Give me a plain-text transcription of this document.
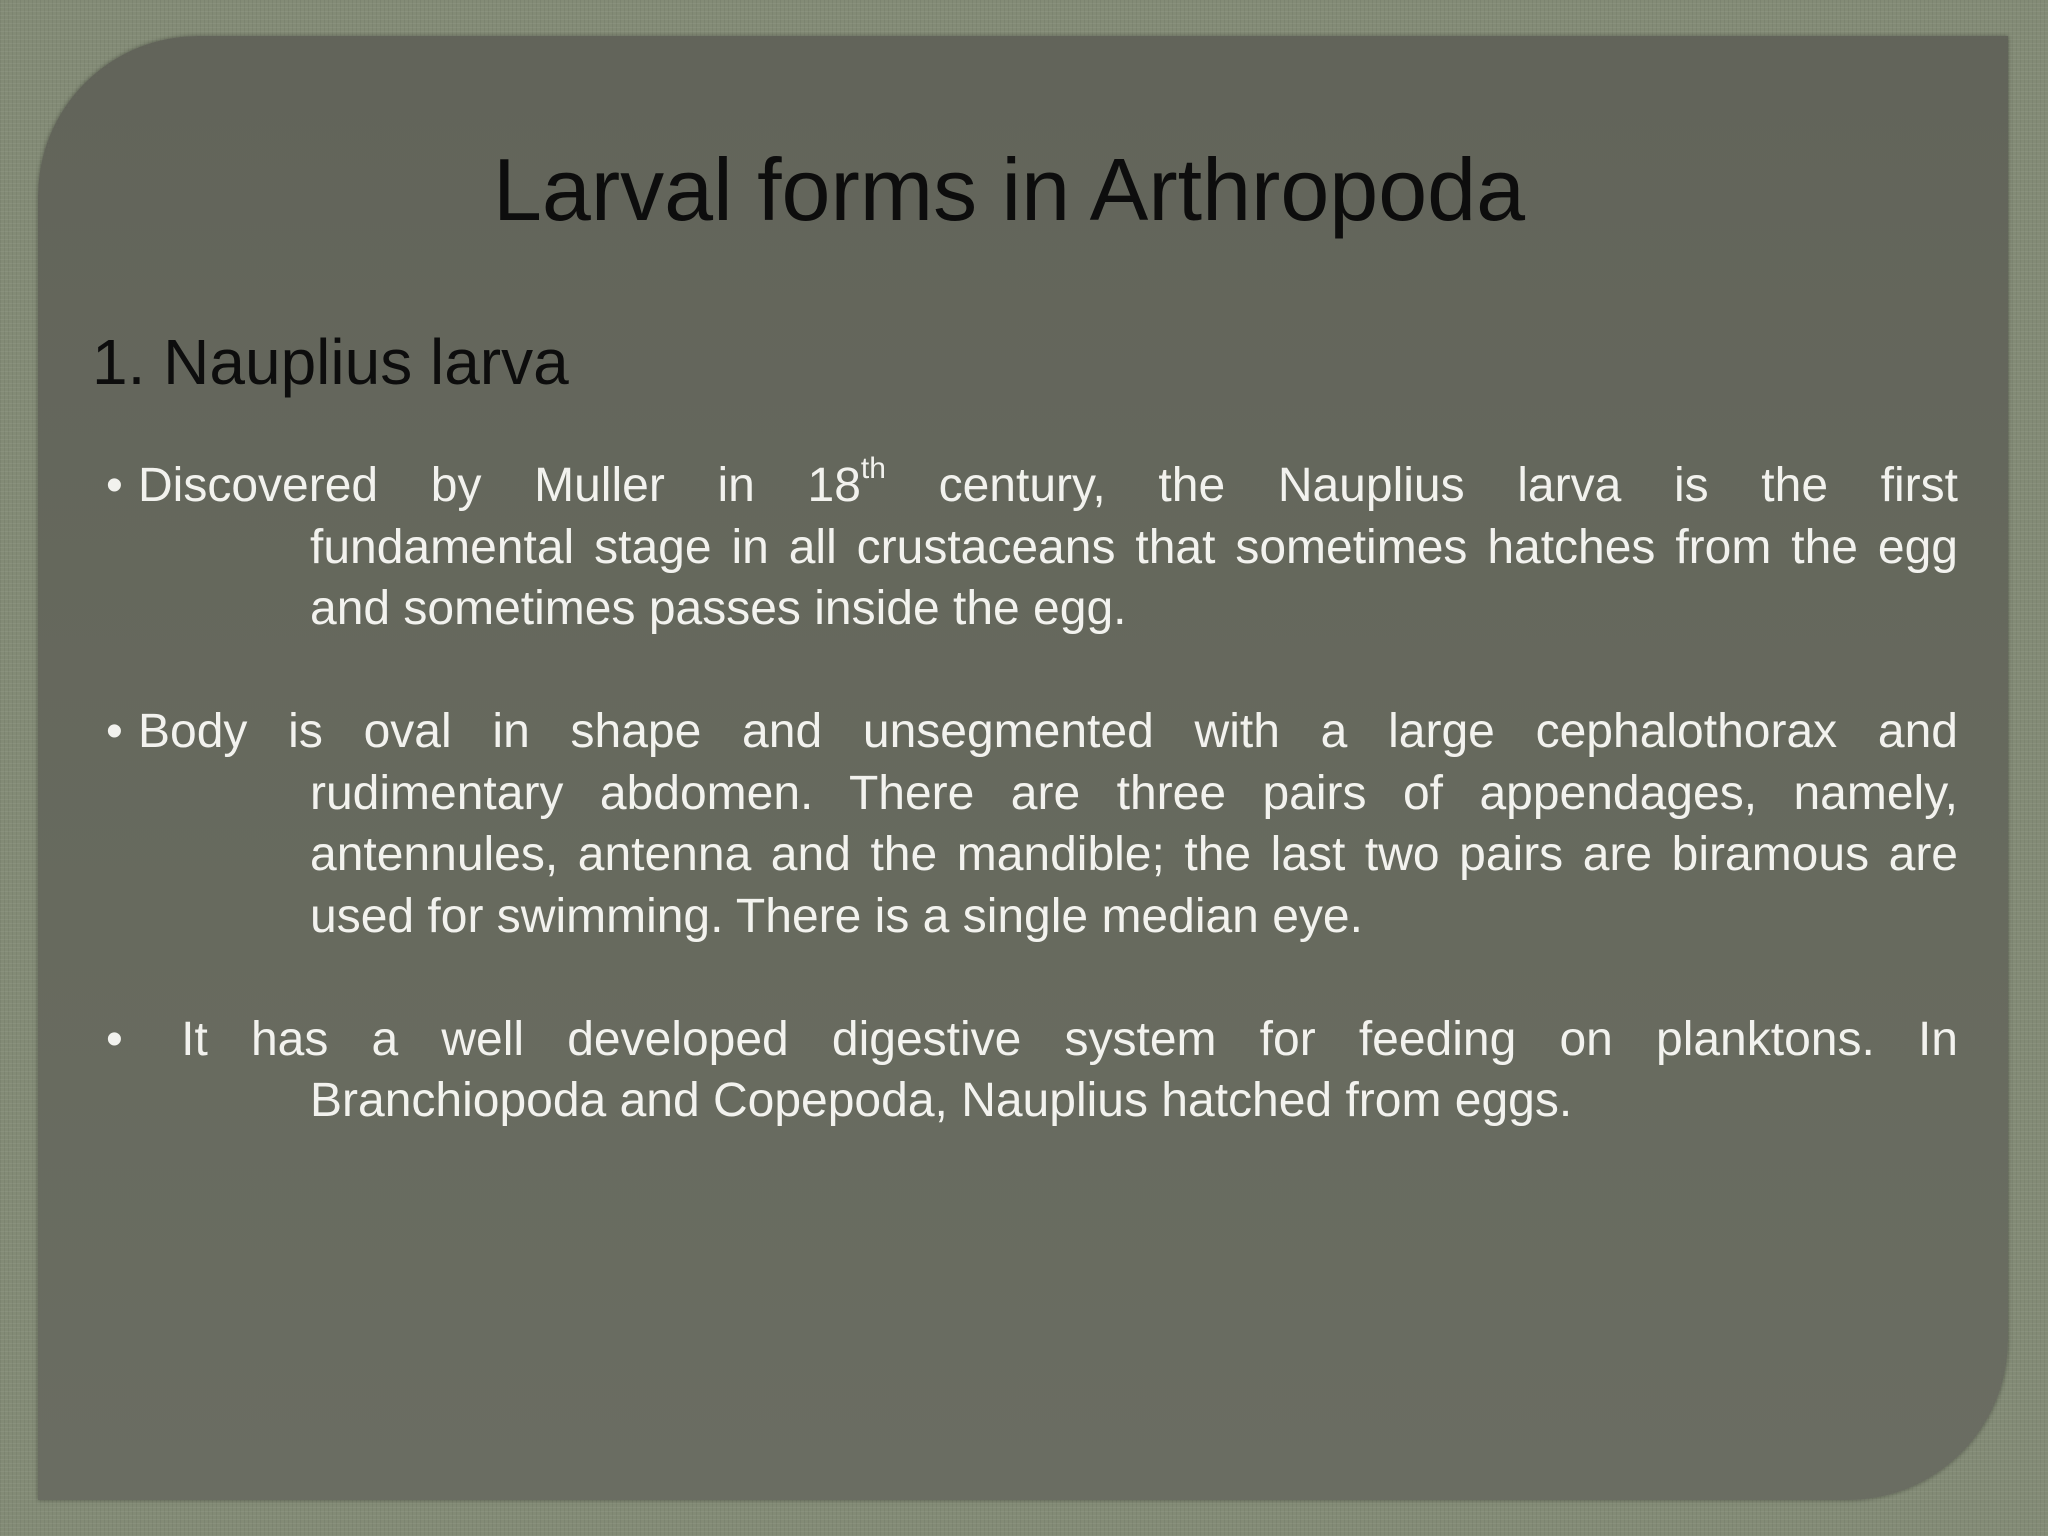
Larval forms in Arthropoda
1. Nauplius larva
• Discovered by Muller in 18th century, the Nauplius larva is the first
fundamental stage in all crustaceans that sometimes hatches from the egg and sometimes passes inside the egg.
• Body is oval in shape and unsegmented with a large cephalothorax and
rudimentary abdomen. There are three pairs of appendages, namely, antennules, antenna and the mandible; the last two pairs are biramous are used for swimming. There is a single median eye.
• It has a well developed digestive system for feeding on planktons. In
Branchiopoda and Copepoda, Nauplius hatched from eggs.
